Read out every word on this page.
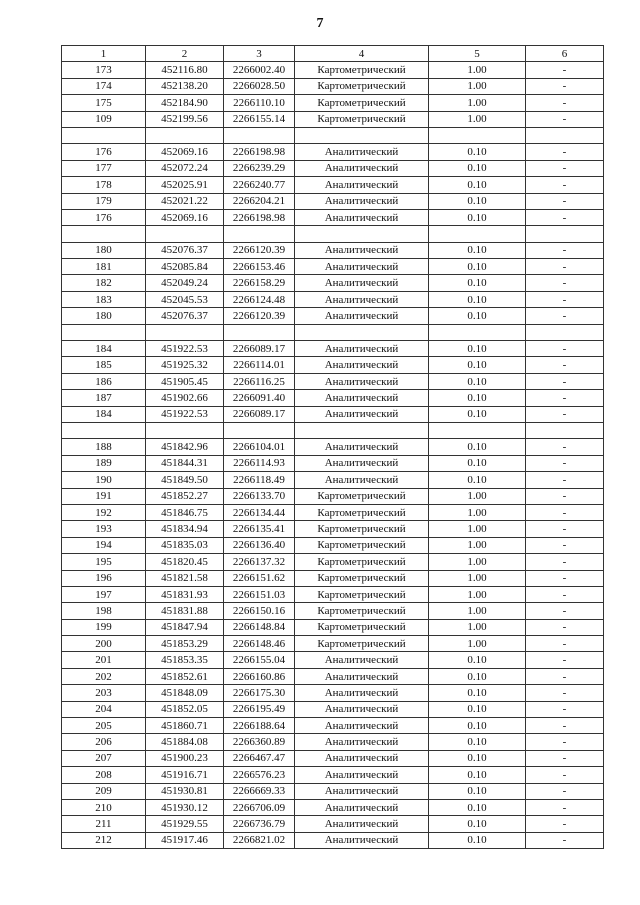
7
1	2	3	4	5	6
173	452116.80	2266002.40	Картометрический	1.00	-
174	452138.20	2266028.50	Картометрический	1.00	-
175	452184.90	2266110.10	Картометрический	1.00	-
109	452199.56	2266155.14	Картометрический	1.00	-

176	452069.16	2266198.98	Аналитический	0.10	-
177	452072.24	2266239.29	Аналитический	0.10	-
178	452025.91	2266240.77	Аналитический	0.10	-
179	452021.22	2266204.21	Аналитический	0.10	-
176	452069.16	2266198.98	Аналитический	0.10	-

180	452076.37	2266120.39	Аналитический	0.10	-
181	452085.84	2266153.46	Аналитический	0.10	-
182	452049.24	2266158.29	Аналитический	0.10	-
183	452045.53	2266124.48	Аналитический	0.10	-
180	452076.37	2266120.39	Аналитический	0.10	-

184	451922.53	2266089.17	Аналитический	0.10	-
185	451925.32	2266114.01	Аналитический	0.10	-
186	451905.45	2266116.25	Аналитический	0.10	-
187	451902.66	2266091.40	Аналитический	0.10	-
184	451922.53	2266089.17	Аналитический	0.10	-

188	451842.96	2266104.01	Аналитический	0.10	-
189	451844.31	2266114.93	Аналитический	0.10	-
190	451849.50	2266118.49	Аналитический	0.10	-
191	451852.27	2266133.70	Картометрический	1.00	-
192	451846.75	2266134.44	Картометрический	1.00	-
193	451834.94	2266135.41	Картометрический	1.00	-
194	451835.03	2266136.40	Картометрический	1.00	-
195	451820.45	2266137.32	Картометрический	1.00	-
196	451821.58	2266151.62	Картометрический	1.00	-
197	451831.93	2266151.03	Картометрический	1.00	-
198	451831.88	2266150.16	Картометрический	1.00	-
199	451847.94	2266148.84	Картометрический	1.00	-
200	451853.29	2266148.46	Картометрический	1.00	-
201	451853.35	2266155.04	Аналитический	0.10	-
202	451852.61	2266160.86	Аналитический	0.10	-
203	451848.09	2266175.30	Аналитический	0.10	-
204	451852.05	2266195.49	Аналитический	0.10	-
205	451860.71	2266188.64	Аналитический	0.10	-
206	451884.08	2266360.89	Аналитический	0.10	-
207	451900.23	2266467.47	Аналитический	0.10	-
208	451916.71	2266576.23	Аналитический	0.10	-
209	451930.81	2266669.33	Аналитический	0.10	-
210	451930.12	2266706.09	Аналитический	0.10	-
211	451929.55	2266736.79	Аналитический	0.10	-
212	451917.46	2266821.02	Аналитический	0.10	-
